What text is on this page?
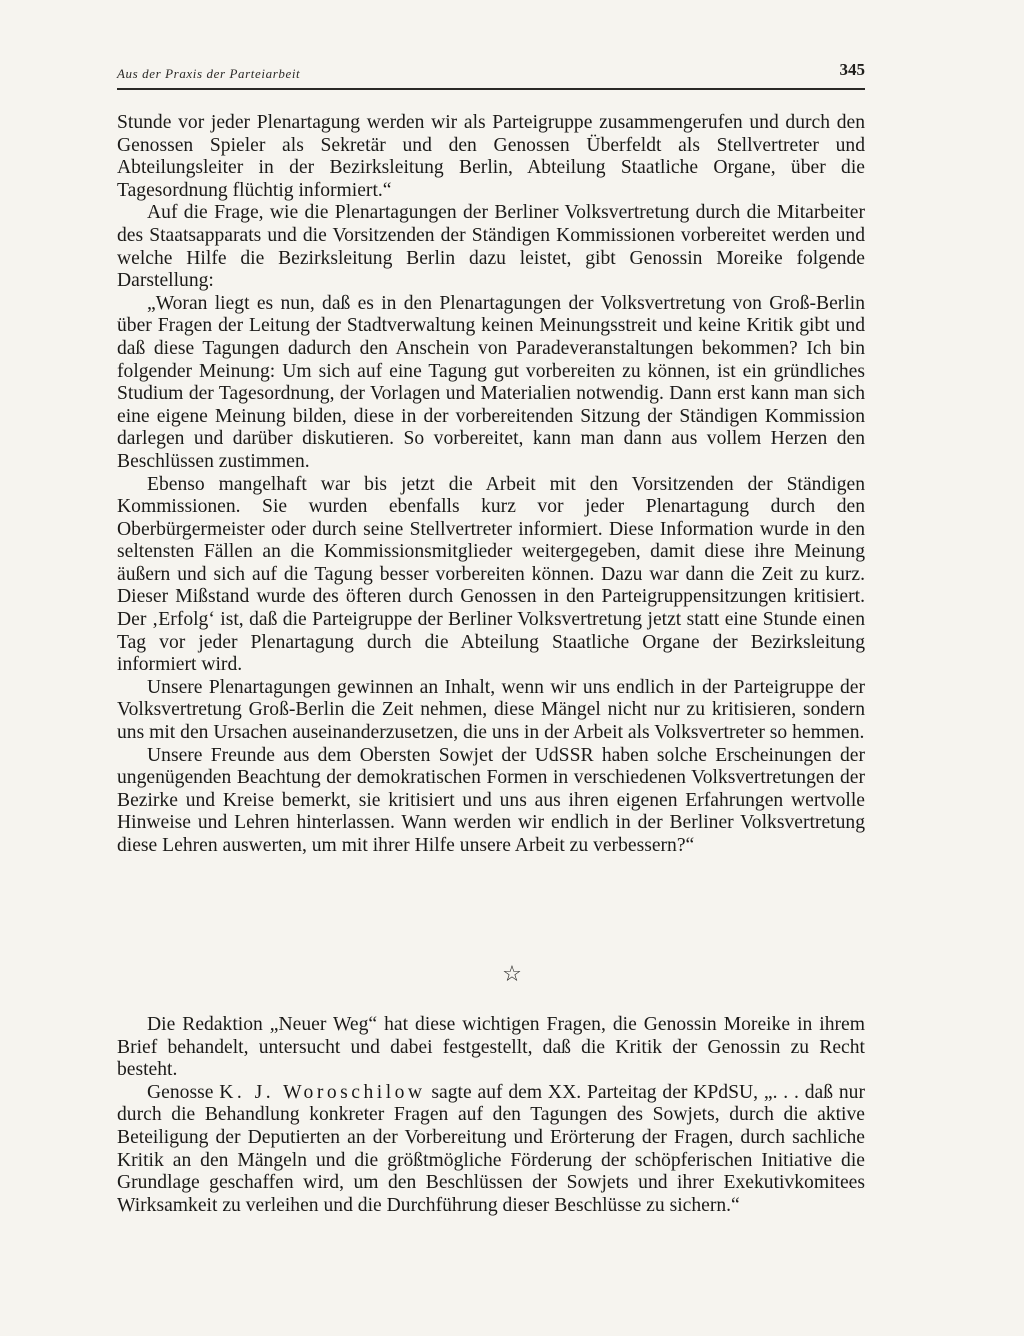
Aus der Praxis der Parteiarbeit	345

Stunde vor jeder Plenartagung werden wir als Parteigruppe zusammengerufen und durch den Genossen Spieler als Sekretär und den Genossen Überfeldt als Stellvertreter und Abteilungsleiter in der Bezirksleitung Berlin, Abteilung Staatliche Organe, über die Tagesordnung flüchtig informiert.“

Auf die Frage, wie die Plenartagungen der Berliner Volksvertretung durch die Mitarbeiter des Staatsapparats und die Vorsitzenden der Ständigen Kommissionen vorbereitet werden und welche Hilfe die Bezirksleitung Berlin dazu leistet, gibt Genossin Moreike folgende Darstellung:

„Woran liegt es nun, daß es in den Plenartagungen der Volksvertretung von Groß-Berlin über Fragen der Leitung der Stadtverwaltung keinen Meinungsstreit und keine Kritik gibt und daß diese Tagungen dadurch den Anschein von Paradeveranstaltungen bekommen? Ich bin folgender Meinung: Um sich auf eine Tagung gut vorbereiten zu können, ist ein gründliches Studium der Tagesordnung, der Vorlagen und Materialien notwendig. Dann erst kann man sich eine eigene Meinung bilden, diese in der vorbereitenden Sitzung der Ständigen Kommission darlegen und darüber diskutieren. So vorbereitet, kann man dann aus vollem Herzen den Beschlüssen zustimmen.

Ebenso mangelhaft war bis jetzt die Arbeit mit den Vorsitzenden der Ständigen Kommissionen. Sie wurden ebenfalls kurz vor jeder Plenartagung durch den Oberbürgermeister oder durch seine Stellvertreter informiert. Diese Information wurde in den seltensten Fällen an die Kommissionsmitglieder weitergegeben, damit diese ihre Meinung äußern und sich auf die Tagung besser vorbereiten können. Dazu war dann die Zeit zu kurz. Dieser Mißstand wurde des öfteren durch Genossen in den Parteigruppensitzungen kritisiert. Der ‚Erfolg‘ ist, daß die Parteigruppe der Berliner Volksvertretung jetzt statt eine Stunde einen Tag vor jeder Plenartagung durch die Abteilung Staatliche Organe der Bezirksleitung informiert wird.

Unsere Plenartagungen gewinnen an Inhalt, wenn wir uns endlich in der Parteigruppe der Volksvertretung Groß-Berlin die Zeit nehmen, diese Mängel nicht nur zu kritisieren, sondern uns mit den Ursachen auseinanderzusetzen, die uns in der Arbeit als Volksvertreter so hemmen.

Unsere Freunde aus dem Obersten Sowjet der UdSSR haben solche Erscheinungen der ungenügenden Beachtung der demokratischen Formen in verschiedenen Volksvertretungen der Bezirke und Kreise bemerkt, sie kritisiert und uns aus ihren eigenen Erfahrungen wertvolle Hinweise und Lehren hinterlassen. Wann werden wir endlich in der Berliner Volksvertretung diese Lehren auswerten, um mit ihrer Hilfe unsere Arbeit zu verbessern?“

☆

Die Redaktion „Neuer Weg“ hat diese wichtigen Fragen, die Genossin Moreike in ihrem Brief behandelt, untersucht und dabei festgestellt, daß die Kritik der Genossin zu Recht besteht.

Genosse K. J. Woroschilow sagte auf dem XX. Parteitag der KPdSU, „. . . daß nur durch die Behandlung konkreter Fragen auf den Tagungen des Sowjets, durch die aktive Beteiligung der Deputierten an der Vorbereitung und Erörterung der Fragen, durch sachliche Kritik an den Mängeln und die größtmögliche Förderung der schöpferischen Initiative die Grundlage geschaffen wird, um den Beschlüssen der Sowjets und ihrer Exekutivkomitees Wirksamkeit zu verleihen und die Durchführung dieser Beschlüsse zu sichern.“
